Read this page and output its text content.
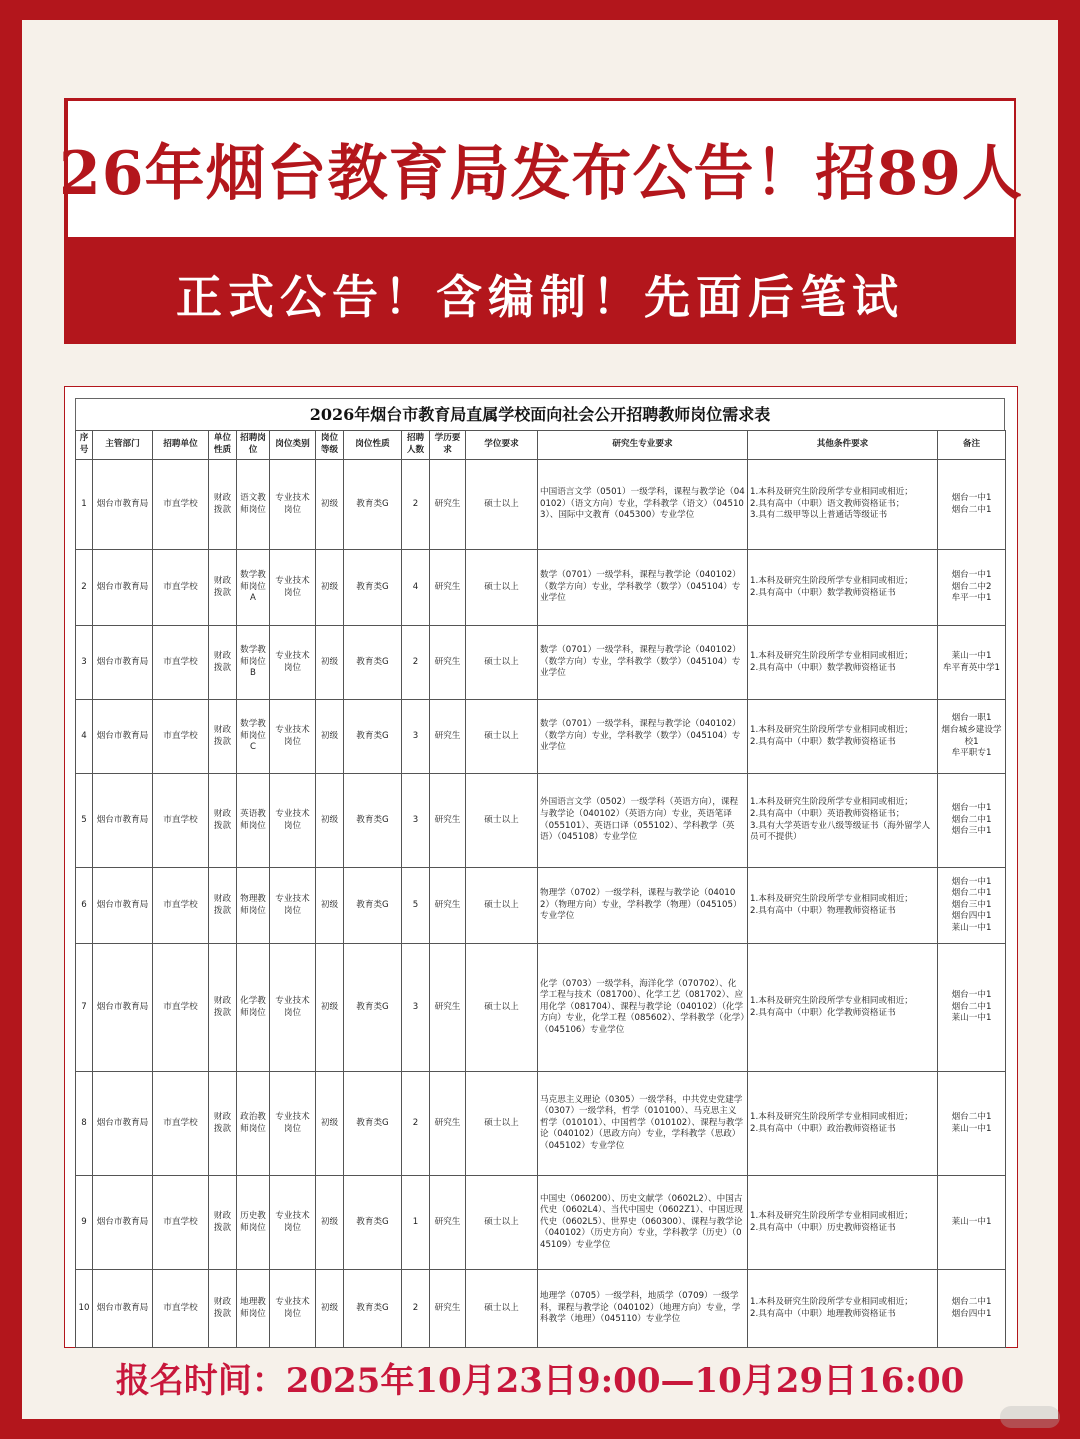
26年烟台教育局发布公告！招89人
正式公告！含编制！先面后笔试
2026年烟台市教育局直属学校面向社会公开招聘教师岗位需求表
序号	主管部门	招聘单位	单位性质	招聘岗位	岗位类别	岗位等级	岗位性质	招聘人数	学历要求	学位要求	研究生专业要求	其他条件要求	备注
1	烟台市教育局	市直学校	财政拨款	语文教师岗位	专业技术岗位	初级	教育类G	2	研究生	硕士以上	中国语言文学（0501）一级学科，课程与教学论（040102）（语文方向）专业，学科教学（语文）（045103）、国际中文教育（045300）专业学位	1.本科及研究生阶段所学专业相同或相近；
2.具有高中（中职）语文教师资格证书；
3.具有二级甲等以上普通话等级证书	烟台一中1
烟台二中1
2	烟台市教育局	市直学校	财政拨款	数学教师岗位A	专业技术岗位	初级	教育类G	4	研究生	硕士以上	数学（0701）一级学科，课程与教学论（040102）（数学方向）专业，学科教学（数学）（045104）专业学位	1.本科及研究生阶段所学专业相同或相近；
2.具有高中（中职）数学教师资格证书	烟台一中1
烟台二中2
牟平一中1
3	烟台市教育局	市直学校	财政拨款	数学教师岗位B	专业技术岗位	初级	教育类G	2	研究生	硕士以上	数学（0701）一级学科，课程与教学论（040102）（数学方向）专业，学科教学（数学）（045104）专业学位	1.本科及研究生阶段所学专业相同或相近；
2.具有高中（中职）数学教师资格证书	莱山一中1
牟平育英中学1
4	烟台市教育局	市直学校	财政拨款	数学教师岗位C	专业技术岗位	初级	教育类G	3	研究生	硕士以上	数学（0701）一级学科，课程与教学论（040102）（数学方向）专业，学科教学（数学）（045104）专业学位	1.本科及研究生阶段所学专业相同或相近；
2.具有高中（中职）数学教师资格证书	烟台一职1
烟台城乡建设学校1
牟平职专1
5	烟台市教育局	市直学校	财政拨款	英语教师岗位	专业技术岗位	初级	教育类G	3	研究生	硕士以上	外国语言文学（0502）一级学科（英语方向），课程与教学论（040102）（英语方向）专业，英语笔译（055101）、英语口译（055102）、学科教学（英语）（045108）专业学位	1.本科及研究生阶段所学专业相同或相近；
2.具有高中（中职）英语教师资格证书；
3.具有大学英语专业八级等级证书（海外留学人员可不提供）	烟台一中1
烟台二中1
烟台三中1
6	烟台市教育局	市直学校	财政拨款	物理教师岗位	专业技术岗位	初级	教育类G	5	研究生	硕士以上	物理学（0702）一级学科，课程与教学论（040102）（物理方向）专业，学科教学（物理）（045105）专业学位	1.本科及研究生阶段所学专业相同或相近；
2.具有高中（中职）物理教师资格证书	烟台一中1
烟台二中1
烟台三中1
烟台四中1
莱山一中1
7	烟台市教育局	市直学校	财政拨款	化学教师岗位	专业技术岗位	初级	教育类G	3	研究生	硕士以上	化学（0703）一级学科，海洋化学（070702）、化学工程与技术（081700）、化学工艺（081702）、应用化学（081704）、课程与教学论（040102）（化学方向）专业，化学工程（085602）、学科教学（化学）（045106）专业学位	1.本科及研究生阶段所学专业相同或相近；
2.具有高中（中职）化学教师资格证书	烟台一中1
烟台二中1
莱山一中1
8	烟台市教育局	市直学校	财政拨款	政治教师岗位	专业技术岗位	初级	教育类G	2	研究生	硕士以上	马克思主义理论（0305）一级学科，中共党史党建学（0307）一级学科，哲学（010100）、马克思主义哲学（010101）、中国哲学（010102）、课程与教学论（040102）（思政方向）专业，学科教学（思政）（045102）专业学位	1.本科及研究生阶段所学专业相同或相近；
2.具有高中（中职）政治教师资格证书	烟台二中1
莱山一中1
9	烟台市教育局	市直学校	财政拨款	历史教师岗位	专业技术岗位	初级	教育类G	1	研究生	硕士以上	中国史（060200）、历史文献学（0602L2）、中国古代史（0602L4）、当代中国史（0602Z1）、中国近现代史（0602L5）、世界史（060300）、课程与教学论（040102）（历史方向）专业，学科教学（历史）（045109）专业学位	1.本科及研究生阶段所学专业相同或相近；
2.具有高中（中职）历史教师资格证书	莱山一中1
10	烟台市教育局	市直学校	财政拨款	地理教师岗位	专业技术岗位	初级	教育类G	2	研究生	硕士以上	地理学（0705）一级学科，地质学（0709）一级学科，课程与教学论（040102）（地理方向）专业，学科教学（地理）（045110）专业学位	1.本科及研究生阶段所学专业相同或相近；
2.具有高中（中职）地理教师资格证书	烟台二中1
烟台四中1
报名时间：2025年10月23日9:00—10月29日16:00
